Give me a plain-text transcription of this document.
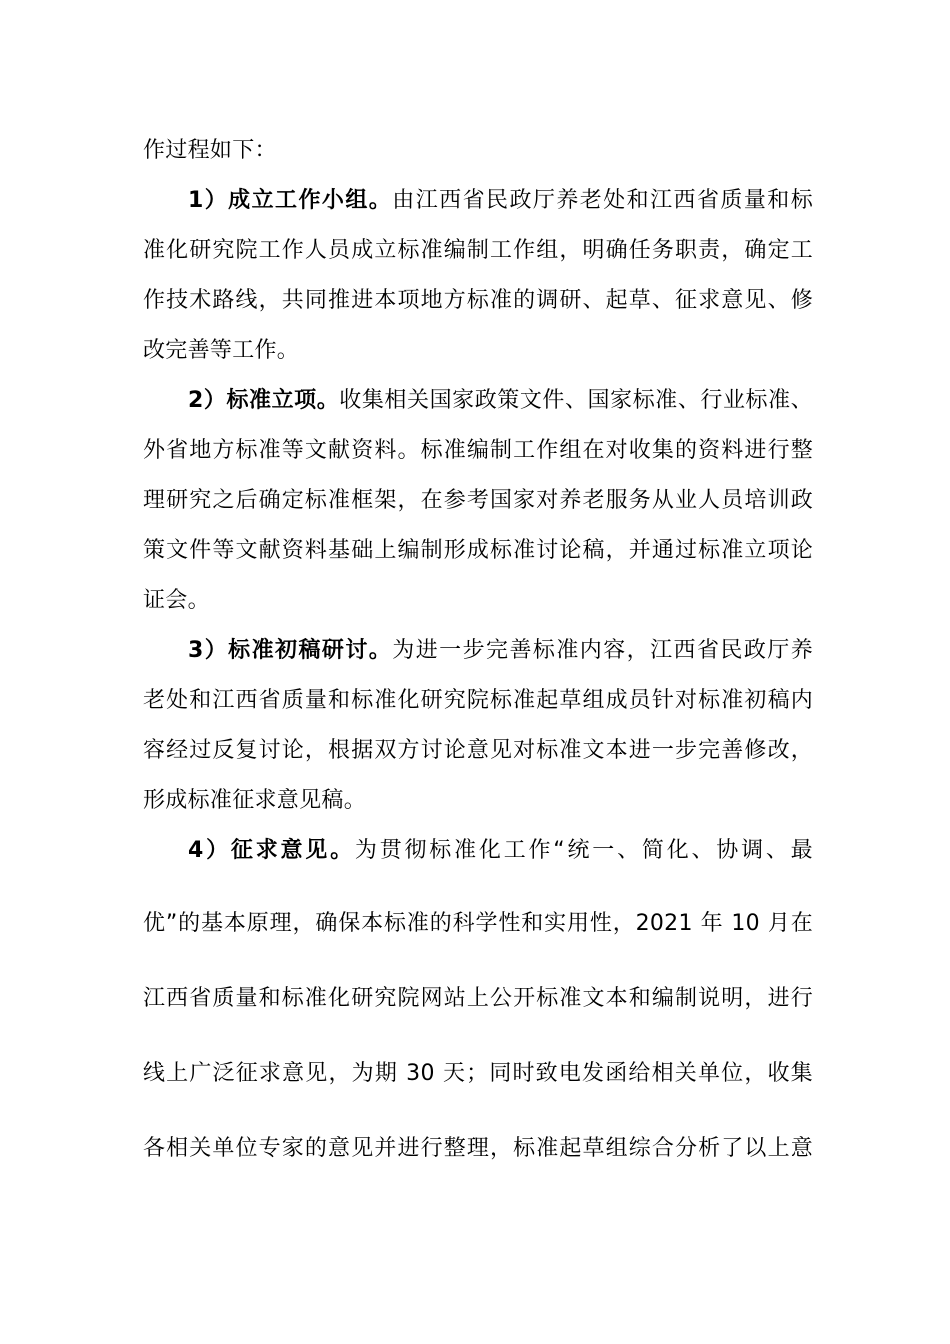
作过程如下：
1）成立工作小组。由江西省民政厅养老处和江西省质量和标
准化研究院工作人员成立标准编制工作组，明确任务职责，确定工
作技术路线，共同推进本项地方标准的调研、起草、征求意见、修
改完善等工作。
2）标准立项。收集相关国家政策文件、国家标准、行业标准、
外省地方标准等文献资料。标准编制工作组在对收集的资料进行整
理研究之后确定标准框架，在参考国家对养老服务从业人员培训政
策文件等文献资料基础上编制形成标准讨论稿，并通过标准立项论
证会。
3）标准初稿研讨。为进一步完善标准内容，江西省民政厅养
老处和江西省质量和标准化研究院标准起草组成员针对标准初稿内
容经过反复讨论，根据双方讨论意见对标准文本进一步完善修改，
形成标准征求意见稿。
4）征求意见。为贯彻标准化工作“统一、简化、协调、最
优”的基本原理，确保本标准的科学性和实用性，2021 年 10 月在
江西省质量和标准化研究院网站上公开标准文本和编制说明，进行
线上广泛征求意见，为期 30 天；同时致电发函给相关单位，收集
各相关单位专家的意见并进行整理，标准起草组综合分析了以上意
